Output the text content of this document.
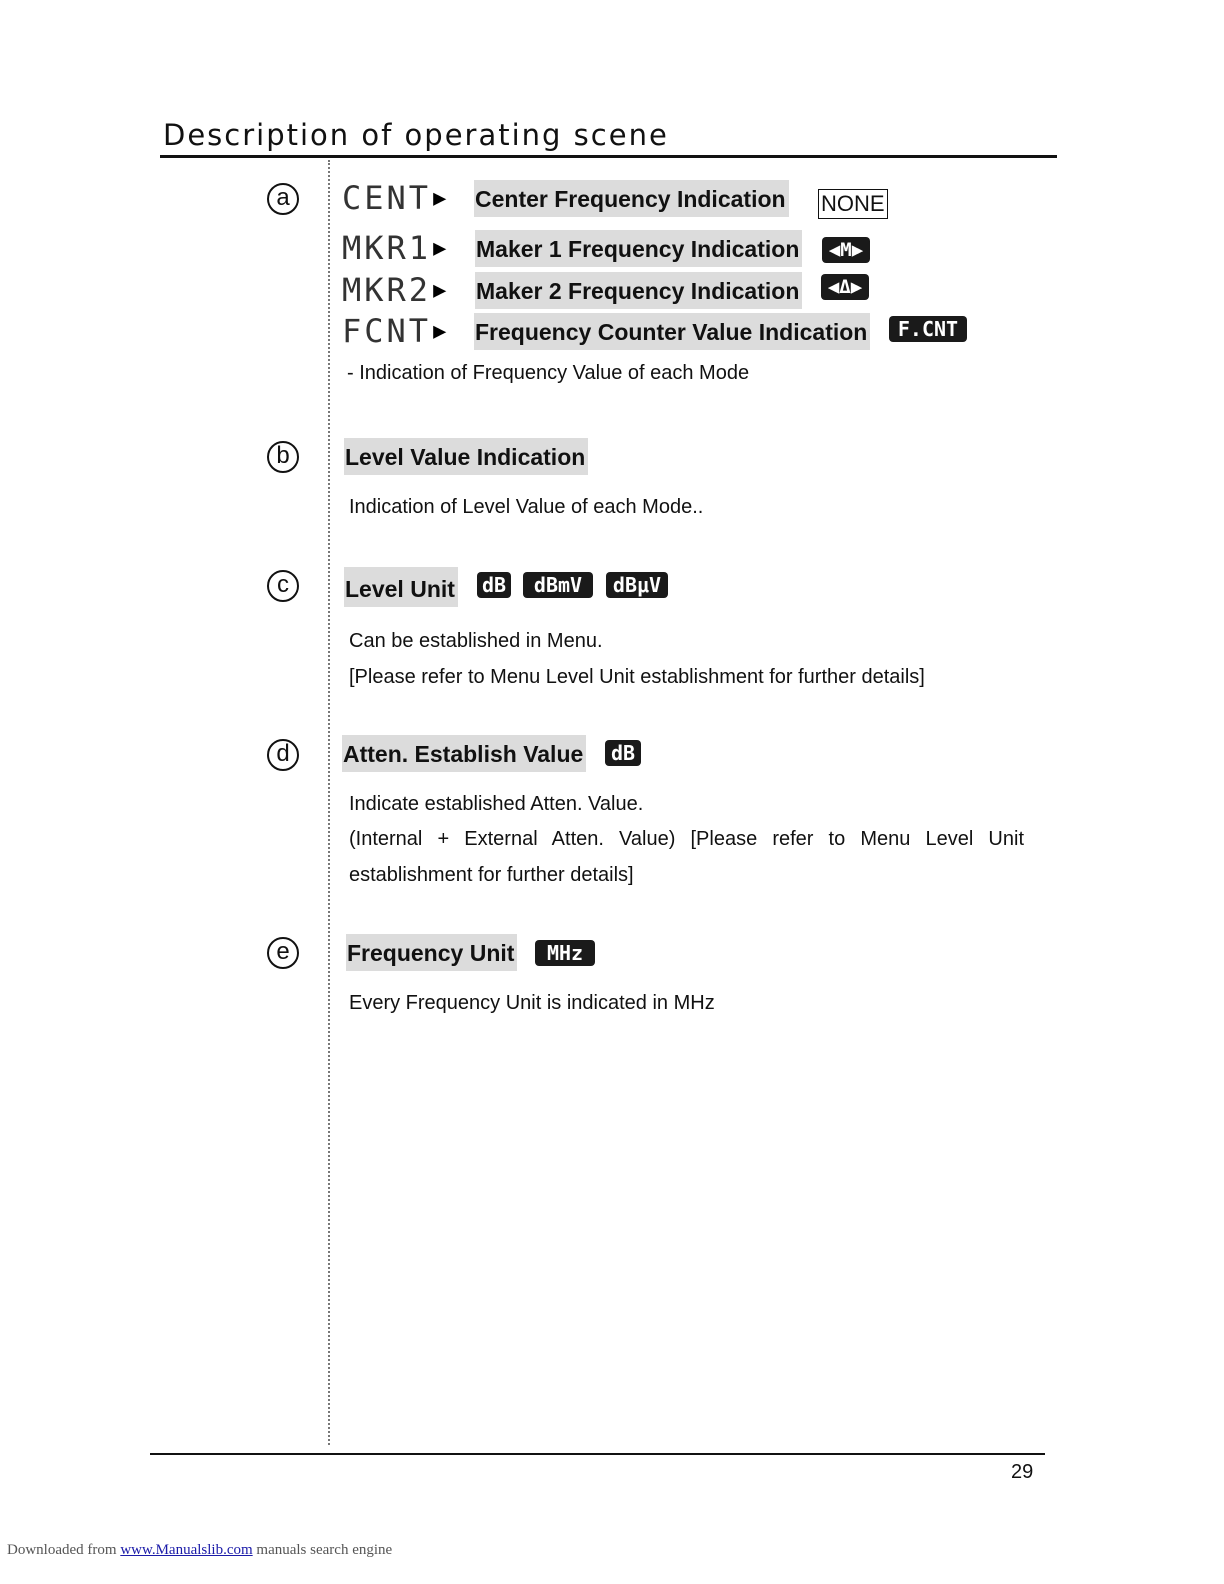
Description of operating scene
a CENT▶ Center Frequency Indication NONE
MKR1▶ Maker 1 Frequency Indication	◀M▶
MKR2▶ Maker 2 Frequency Indication	◀Δ▶
FCNT▶ Frequency Counter Value Indication	F.CNT
- Indication of Frequency Value of each Mode
b	Level Value Indication
Indication of Level Value of each Mode..
c	Level Unit dB	dBmV	dBμV
Can be established in Menu.
[Please refer to Menu Level Unit establishment for further details]
d	Atten. Establish Value dB
Indicate established Atten. Value.
(Internal + External Atten. Value) [Please refer to Menu Level Unit establishment for further details]
e	Frequency Unit	MHz
Every Frequency Unit is indicated in MHz
29
Downloaded from www.Manualslib.com manuals search engine
